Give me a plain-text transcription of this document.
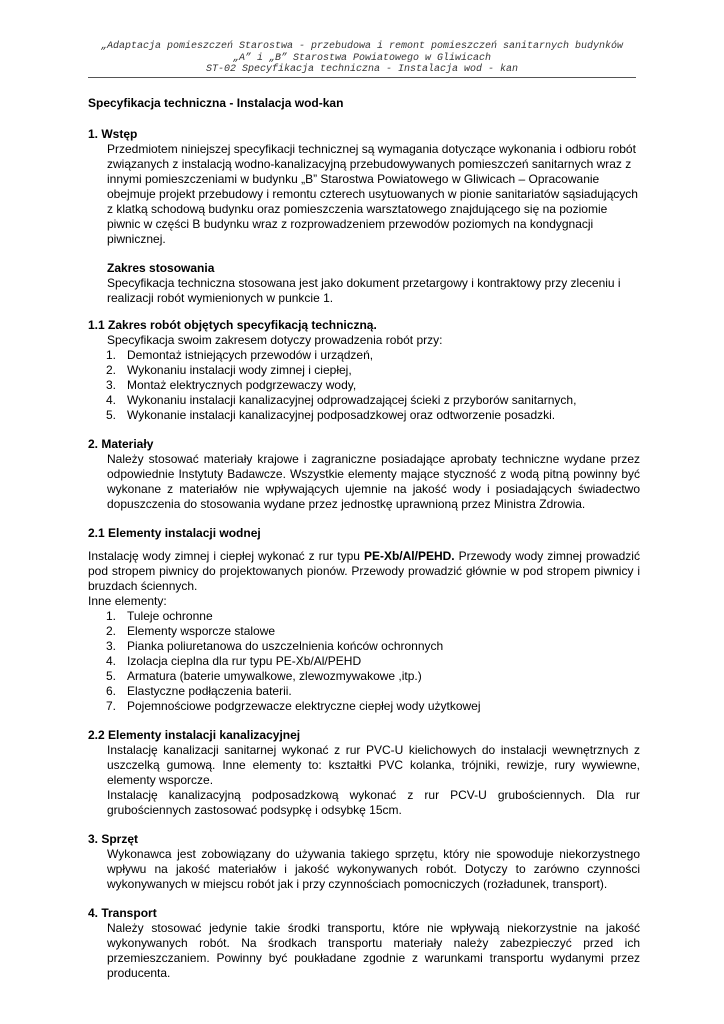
„Adaptacja pomieszczeń Starostwa - przebudowa i remont pomieszczeń sanitarnych budynków
„A” i „B” Starostwa Powiatowego w Gliwicach
ST-02 Specyfikacja techniczna - Instalacja wod - kan

Specyfikacja techniczna - Instalacja wod-kan

1. Wstęp

Przedmiotem niniejszej specyfikacji technicznej są wymagania dotyczące wykonania i odbioru robót związanych z instalacją wodno-kanalizacyjną przebudowywanych pomieszczeń sanitarnych wraz z innymi pomieszczeniami w budynku „B” Starostwa Powiatowego w Gliwicach – Opracowanie obejmuje projekt przebudowy i remontu czterech usytuowanych w pionie sanitariatów sąsiadujących z klatką schodową budynku oraz pomieszczenia warsztatowego znajdującego się na poziomie piwnic w części B budynku wraz z rozprowadzeniem przewodów poziomych na kondygnacji piwnicznej.

Zakres stosowania

Specyfikacja techniczna stosowana jest jako dokument przetargowy i kontraktowy przy zleceniu i realizacji robót wymienionych w punkcie 1.

1.1 Zakres robót objętych specyfikacją techniczną.

Specyfikacja swoim zakresem dotyczy prowadzenia robót przy:

1. Demontaż istniejących przewodów i urządzeń,
2. Wykonaniu instalacji wody zimnej i ciepłej,
3. Montaż elektrycznych podgrzewaczy wody,
4. Wykonaniu instalacji kanalizacyjnej odprowadzającej ścieki z przyborów sanitarnych,
5. Wykonanie instalacji kanalizacyjnej podposadzkowej oraz odtworzenie posadzki.

2. Materiały

Należy stosować materiały krajowe i zagraniczne posiadające aprobaty techniczne wydane przez odpowiednie Instytuty Badawcze. Wszystkie elementy mające styczność z wodą pitną powinny być wykonane z materiałów nie wpływających ujemnie na jakość wody i posiadających świadectwo dopuszczenia do stosowania wydane przez jednostkę uprawnioną przez Ministra Zdrowia.

2.1 Elementy instalacji wodnej

Instalację wody zimnej i ciepłej wykonać z rur typu PE-Xb/Al/PEHD. Przewody wody zimnej prowadzić pod stropem piwnicy do projektowanych pionów. Przewody prowadzić głównie w pod stropem piwnicy i bruzdach ściennych.

Inne elementy:

1. Tuleje ochronne
2. Elementy wsporcze stalowe
3. Pianka poliuretanowa do uszczelnienia końców ochronnych
4. Izolacja cieplna dla rur typu PE-Xb/Al/PEHD
5. Armatura (baterie umywalkowe, zlewozmywakowe ,itp.)
6. Elastyczne podłączenia baterii.
7. Pojemnościowe podgrzewacze elektryczne ciepłej wody użytkowej

2.2 Elementy instalacji kanalizacyjnej

Instalację kanalizacji sanitarnej wykonać z rur PVC-U kielichowych do instalacji wewnętrznych z uszczelką gumową. Inne elementy to: kształtki PVC kolanka, trójniki, rewizje, rury wywiewne, elementy wsporcze.

Instalację kanalizacyjną podposadzkową wykonać z rur PCV-U grubościennych. Dla rur grubościennych zastosować podsypkę i odsybkę 15cm.

3. Sprzęt

Wykonawca jest zobowiązany do używania takiego sprzętu, który nie spowoduje niekorzystnego wpływu na jakość materiałów i jakość wykonywanych robót. Dotyczy to zarówno czynności wykonywanych w miejscu robót jak i przy czynnościach pomocniczych (rozładunek, transport).

4. Transport

Należy stosować jedynie takie środki transportu, które nie wpływają niekorzystnie na jakość wykonywanych robót. Na środkach transportu materiały należy zabezpieczyć przed ich przemieszczaniem. Powinny być poukładane zgodnie z warunkami transportu wydanymi przez producenta.
